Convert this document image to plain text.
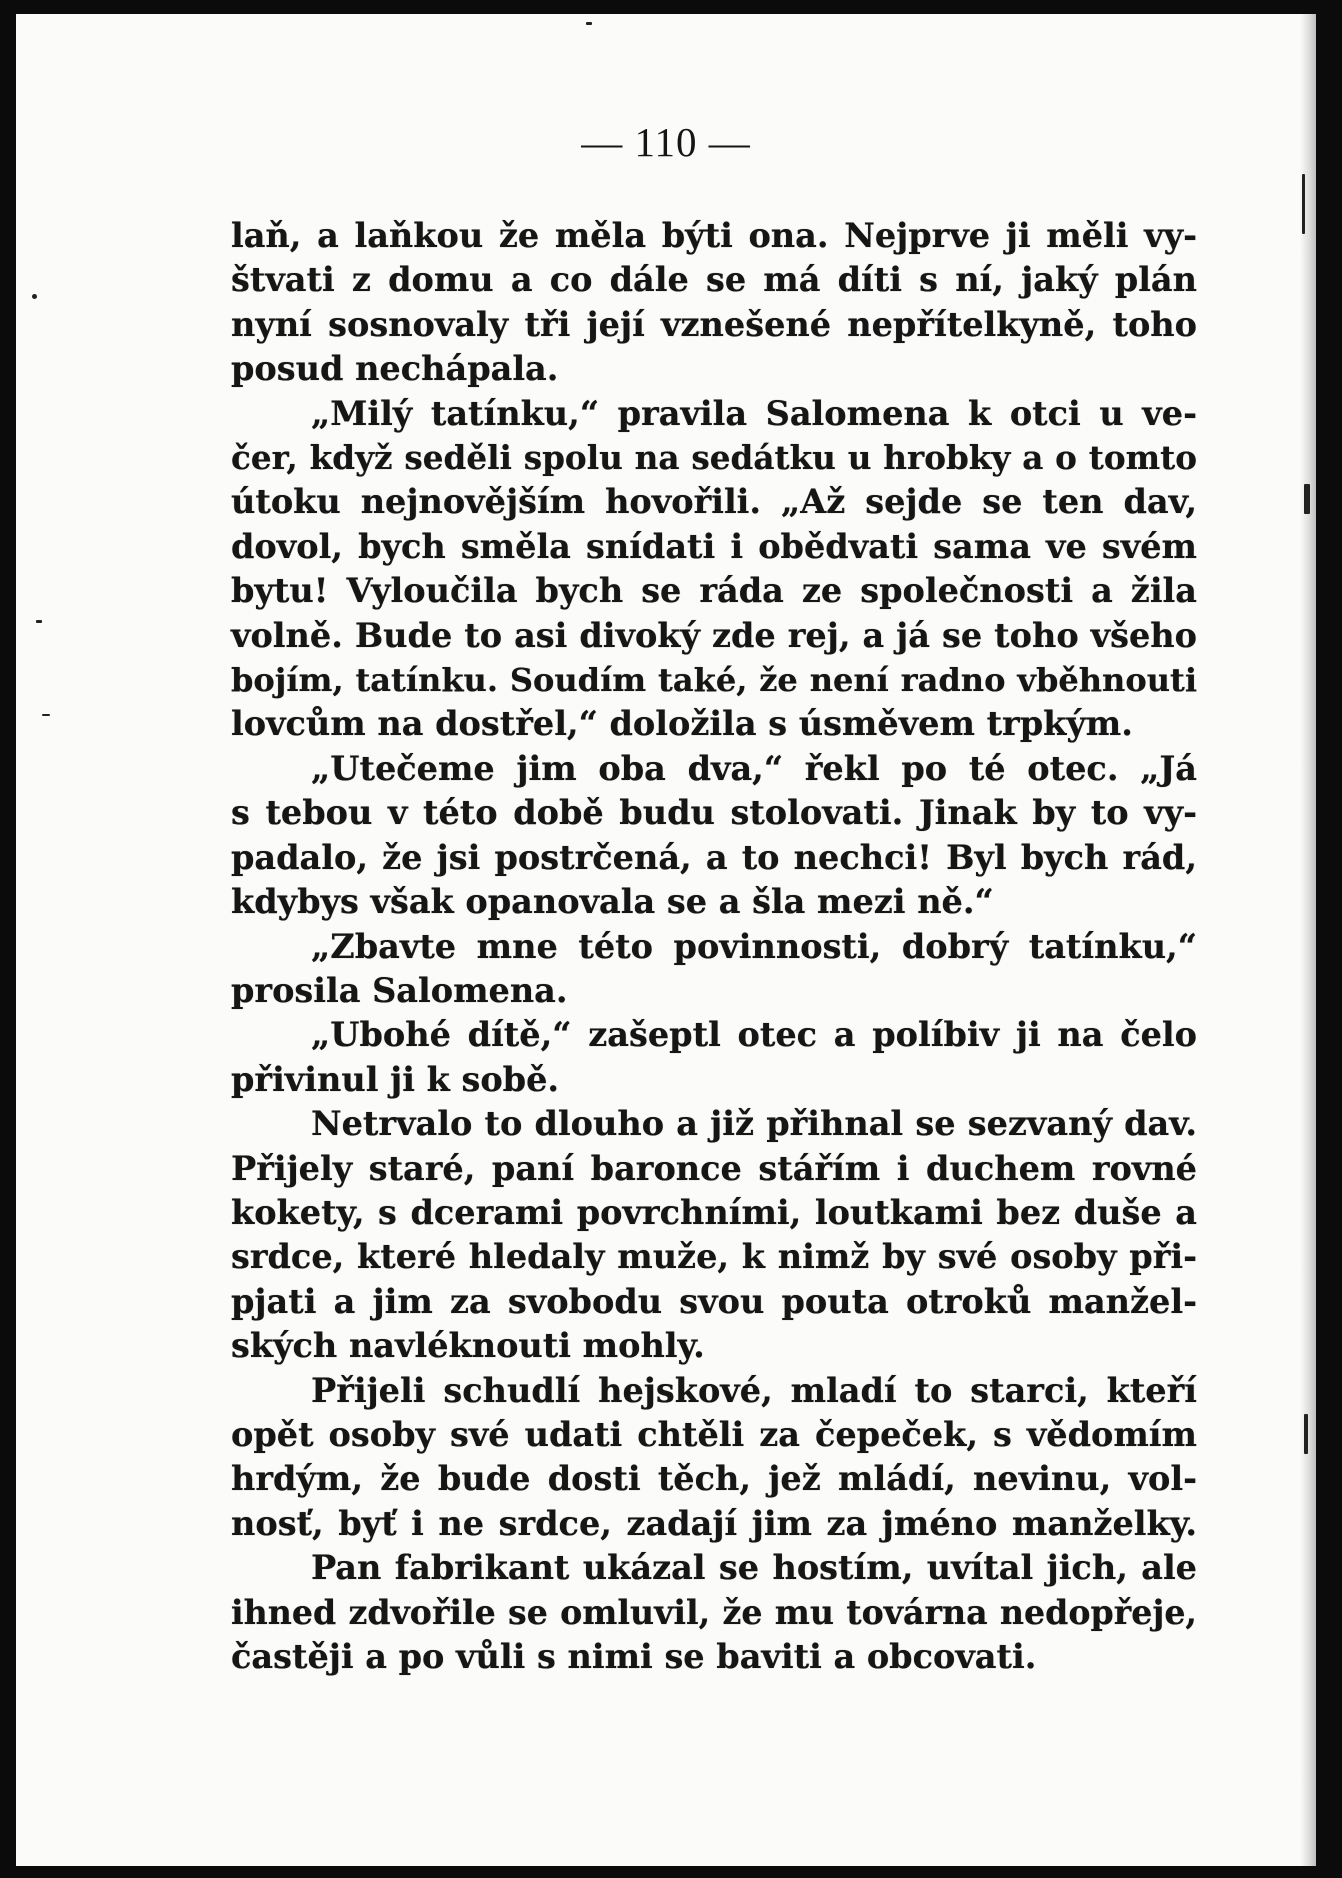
— 110 —
laň, a laňkou že měla býti ona. Nejprve ji měli vy-
štvati z domu a co dále se má díti s ní, jaký plán
nyní sosnovaly tři její vznešené nepřítelkyně, toho
posud nechápala.
„Milý tatínku,“ pravila Salomena k otci u ve-
čer, když seděli spolu na sedátku u hrobky a o tomto
útoku nejnovějším hovořili. „Až sejde se ten dav,
dovol, bych směla snídati i obědvati sama ve svém
bytu! Vyloučila bych se ráda ze společnosti a žila
volně. Bude to asi divoký zde rej, a já se toho všeho
bojím, tatínku. Soudím také, že není radno vběhnouti
lovcům na dostřel,“ doložila s úsměvem trpkým.
„Utečeme jim oba dva,“ řekl po té otec. „Já
s tebou v této době budu stolovati. Jinak by to vy-
padalo, že jsi postrčená, a to nechci! Byl bych rád,
kdybys však opanovala se a šla mezi ně.“
„Zbavte mne této povinnosti, dobrý tatínku,“
prosila Salomena.
„Ubohé dítě,“ zašeptl otec a políbiv ji na čelo
přivinul ji k sobě.
Netrvalo to dlouho a již přihnal se sezvaný dav.
Přijely staré, paní baronce stářím i duchem rovné
kokety, s dcerami povrchními, loutkami bez duše a
srdce, které hledaly muže, k nimž by své osoby při-
pjati a jim za svobodu svou pouta otroků manžel-
ských navléknouti mohly.
Přijeli schudlí hejskové, mladí to starci, kteří
opět osoby své udati chtěli za čepeček, s vědomím
hrdým, že bude dosti těch, jež mládí, nevinu, vol-
nosť, byť i ne srdce, zadají jim za jméno manželky.
Pan fabrikant ukázal se hostím, uvítal jich, ale
ihned zdvořile se omluvil, že mu továrna nedopřeje,
častěji a po vůli s nimi se baviti a obcovati.
